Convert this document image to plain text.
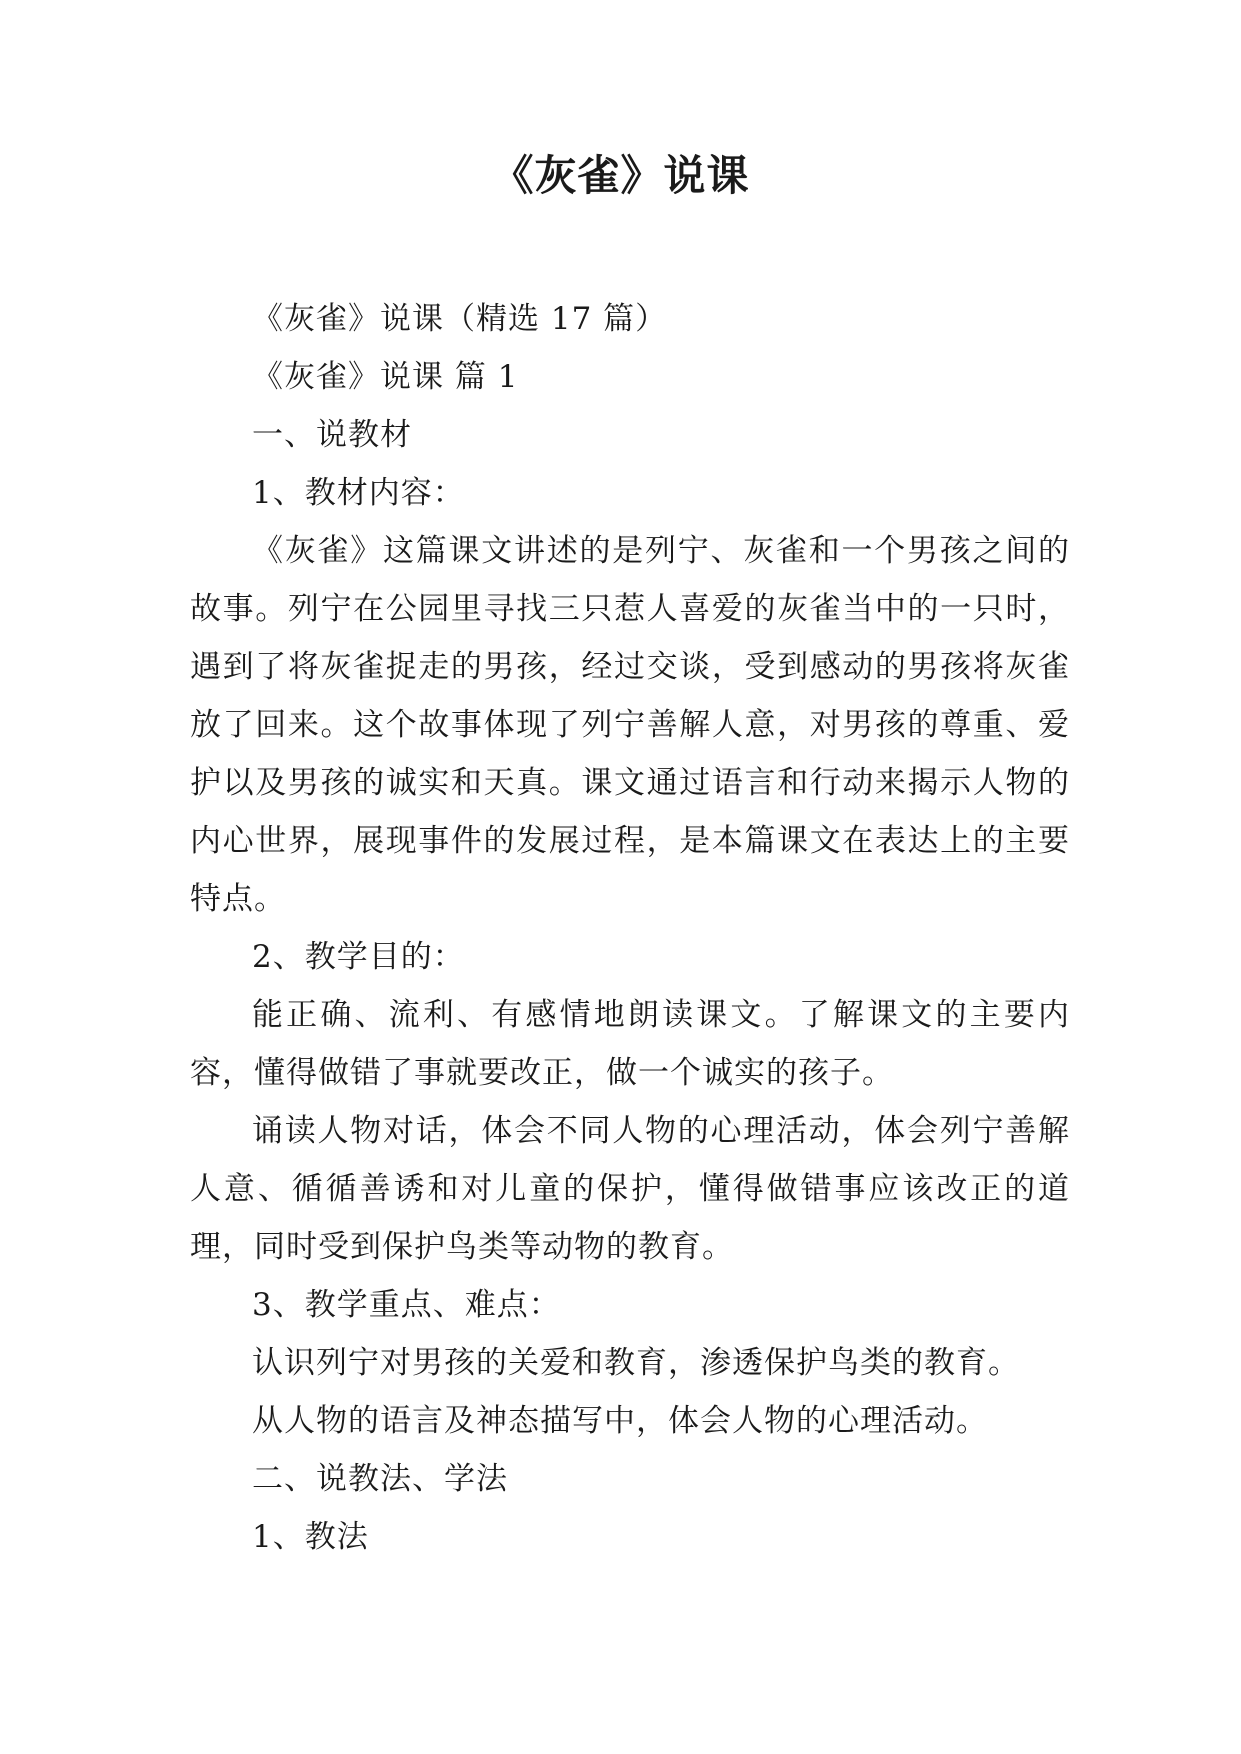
《灰雀》说课

《灰雀》说课（精选 17 篇）

《灰雀》说课 篇 1

一、说教材

1、教材内容：

《灰雀》这篇课文讲述的是列宁、灰雀和一个男孩之间的故事。列宁在公园里寻找三只惹人喜爱的灰雀当中的一只时，遇到了将灰雀捉走的男孩，经过交谈，受到感动的男孩将灰雀放了回来。这个故事体现了列宁善解人意，对男孩的尊重、爱护以及男孩的诚实和天真。课文通过语言和行动来揭示人物的内心世界，展现事件的发展过程，是本篇课文在表达上的主要特点。

2、教学目的：

能正确、流利、有感情地朗读课文。了解课文的主要内容，懂得做错了事就要改正，做一个诚实的孩子。

诵读人物对话，体会不同人物的心理活动，体会列宁善解人意、循循善诱和对儿童的保护，懂得做错事应该改正的道理，同时受到保护鸟类等动物的教育。

3、教学重点、难点：

认识列宁对男孩的关爱和教育，渗透保护鸟类的教育。

从人物的语言及神态描写中，体会人物的心理活动。

二、说教法、学法

1、教法
